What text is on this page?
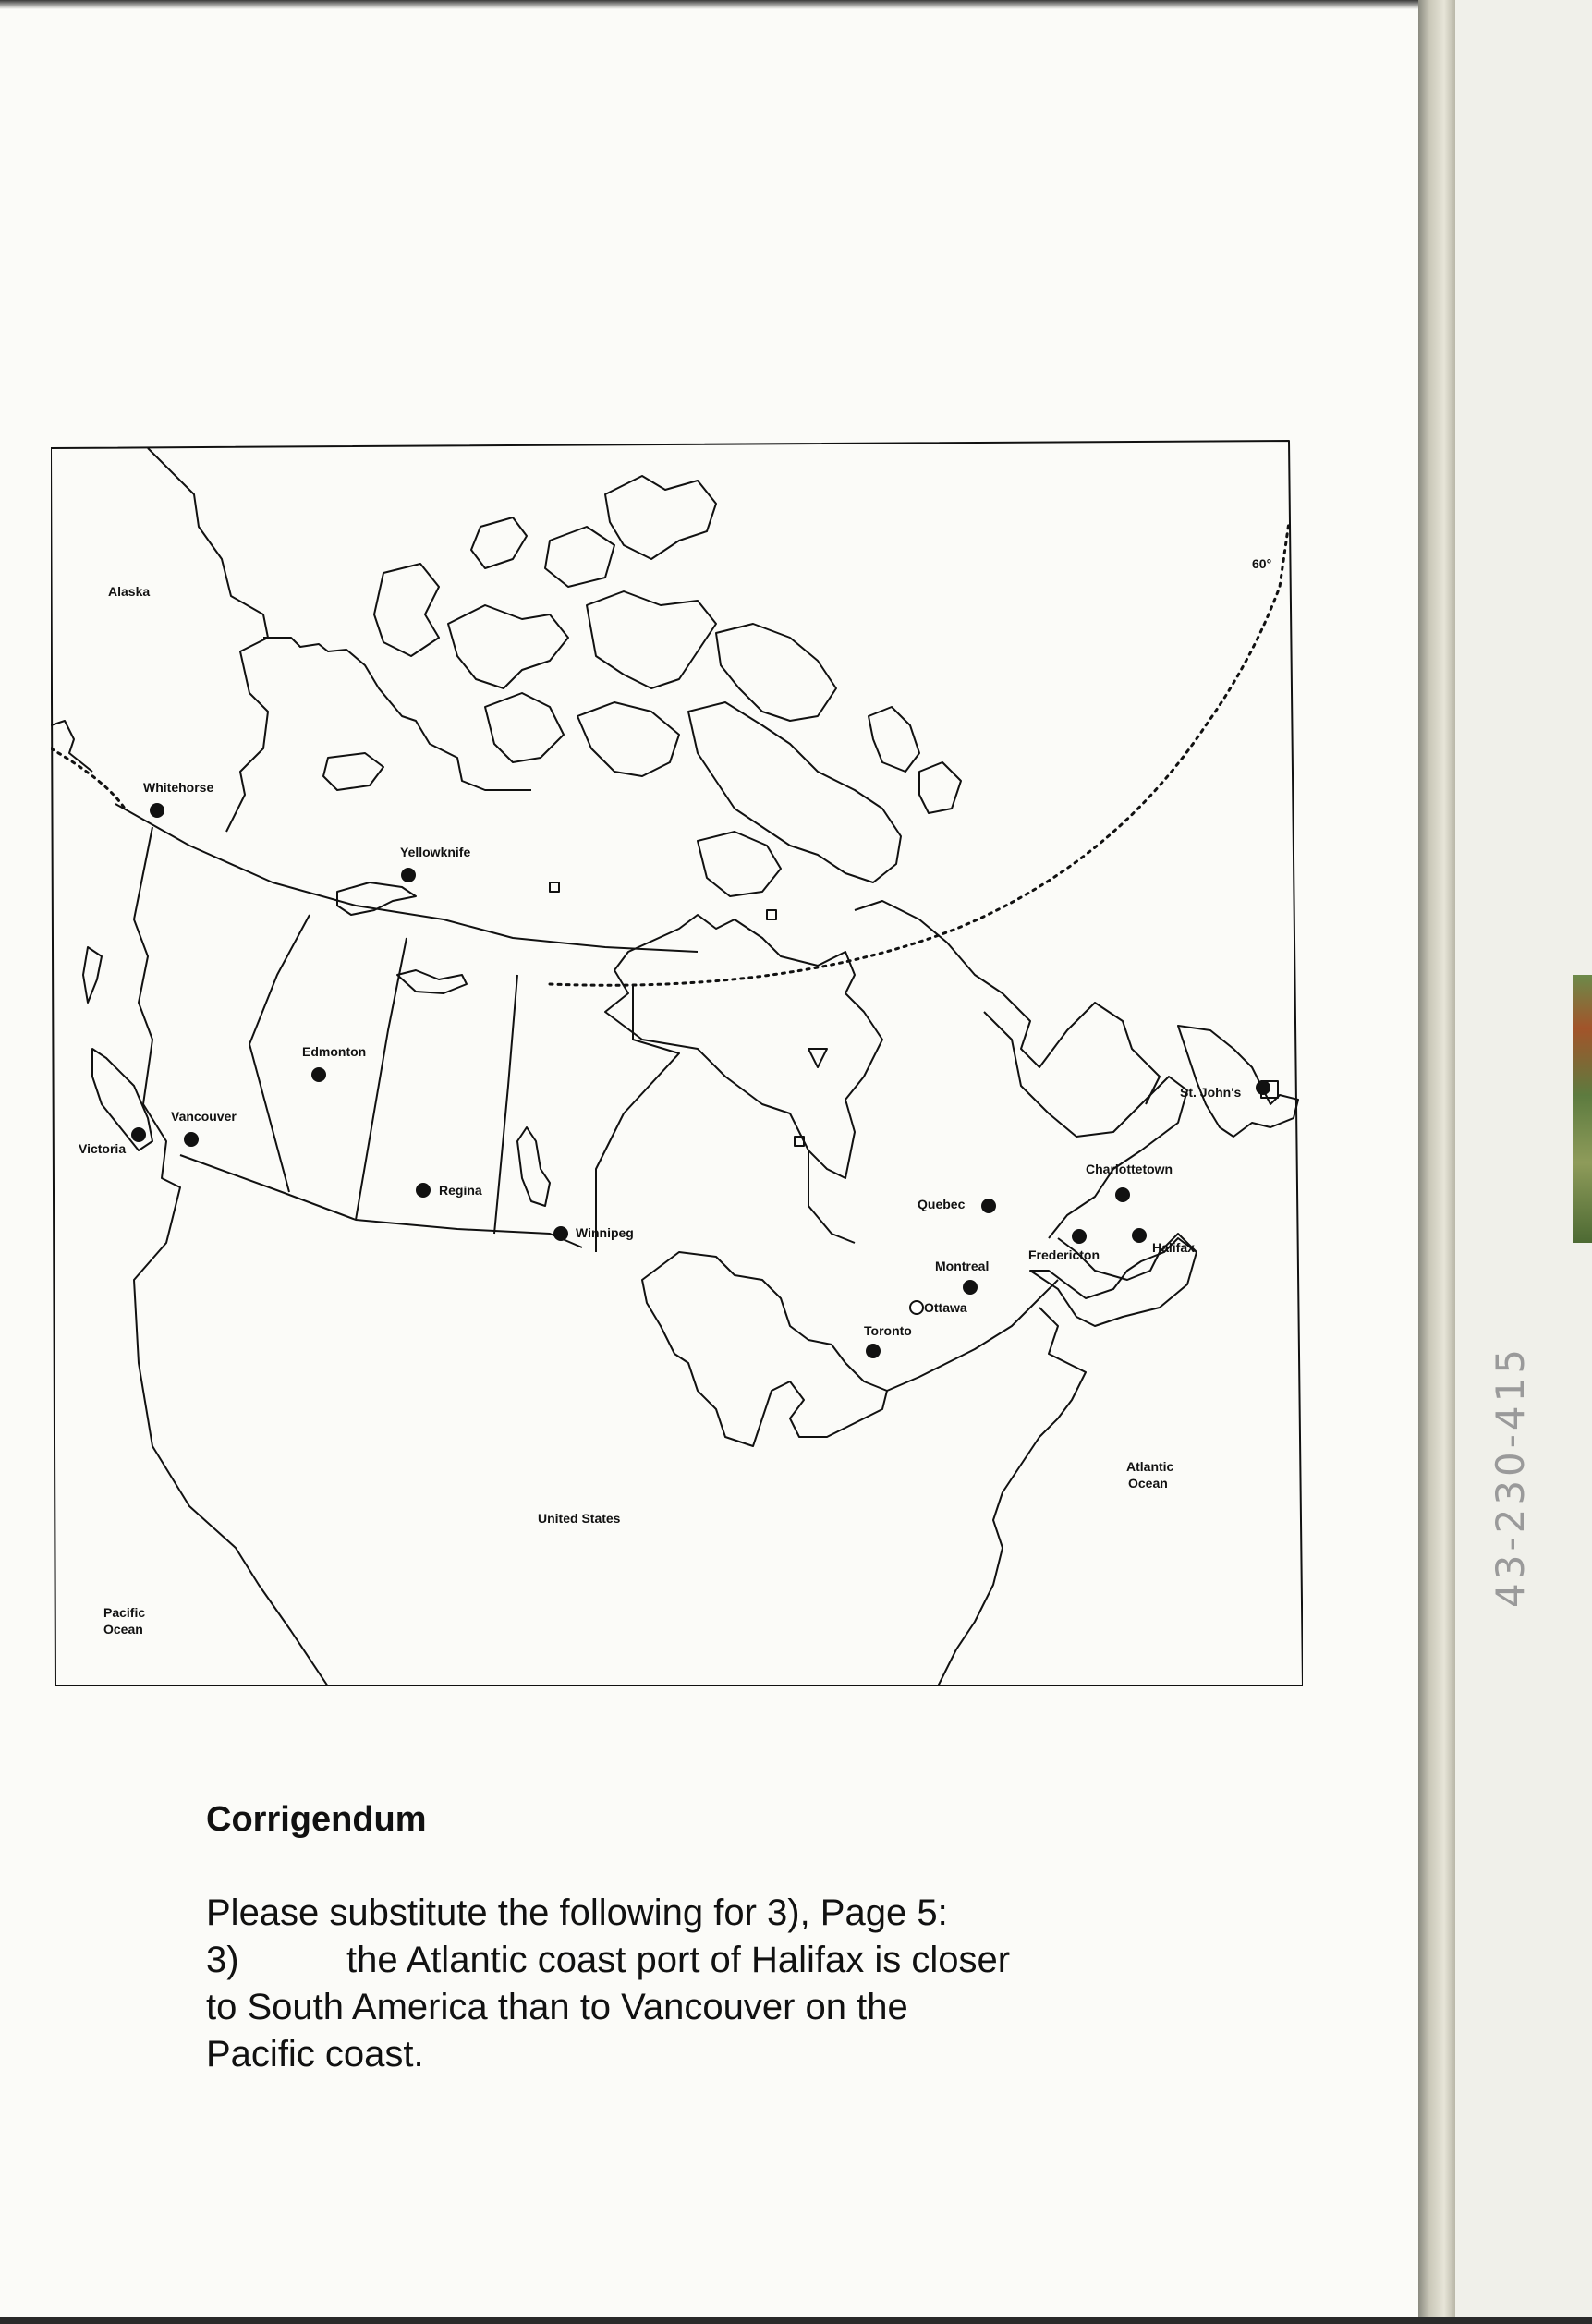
Alaska
Whitehorse
Yellowknife
Edmonton
Vancouver
Victoria
Regina
Winnipeg
Toronto
Ottawa
Montreal
Quebec
Fredericton
Charlottetown
Halifax
St. John's
United States
Atlantic
Ocean
Pacific
Ocean
60°
Corrigendum
Please substitute the following for 3), Page 5:
3)	the Atlantic coast port of Halifax is closer
to South America than to Vancouver on the
Pacific coast.
43-230-415
